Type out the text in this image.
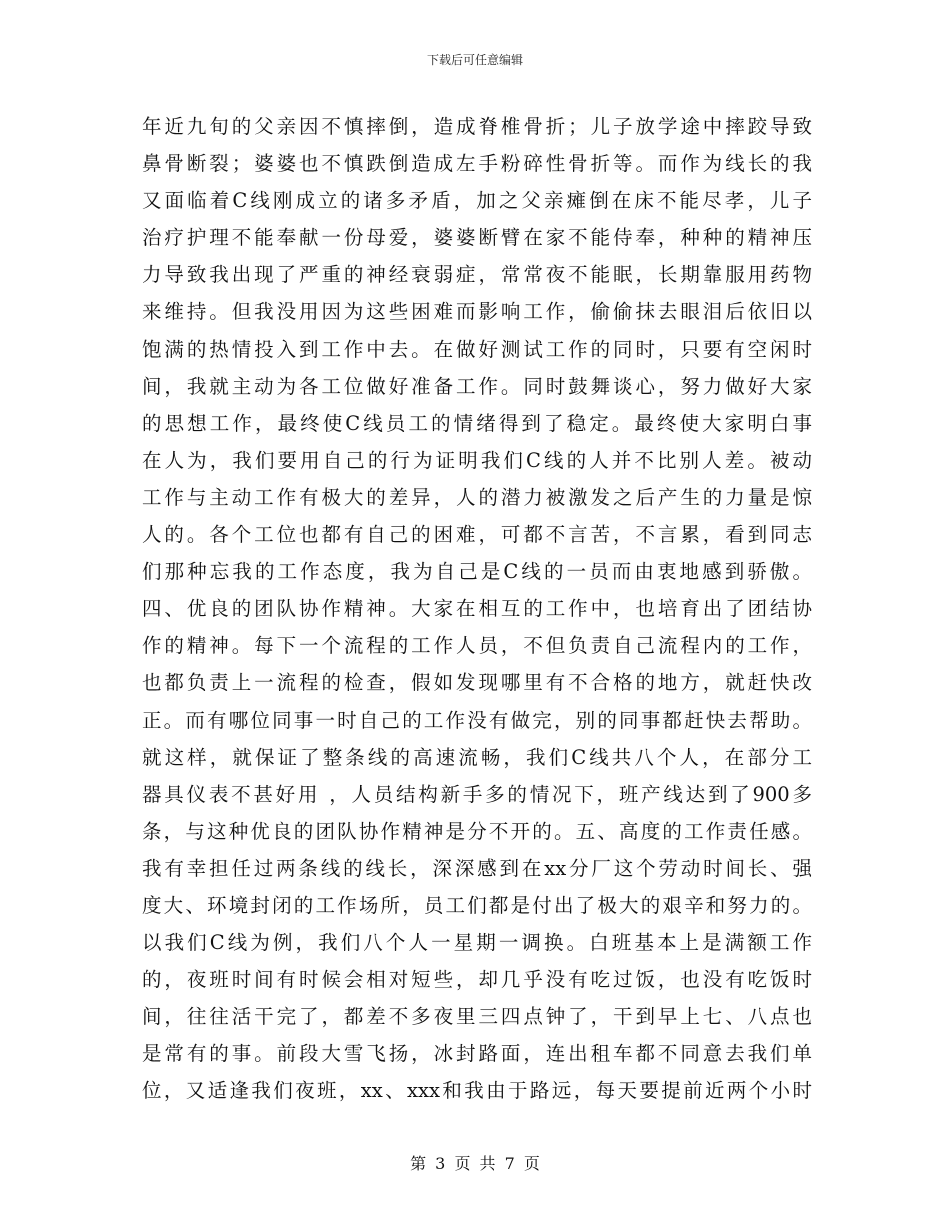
下载后可任意编辑
年近九旬的父亲因不慎摔倒，造成脊椎骨折；儿子放学途中摔跤导致
鼻骨断裂；婆婆也不慎跌倒造成左手粉碎性骨折等。而作为线长的我
又面临着C线刚成立的诸多矛盾，加之父亲瘫倒在床不能尽孝，儿子
治疗护理不能奉献一份母爱，婆婆断臂在家不能侍奉，种种的精神压
力导致我出现了严重的神经衰弱症，常常夜不能眠，长期靠服用药物
来维持。但我没用因为这些困难而影响工作，偷偷抹去眼泪后依旧以
饱满的热情投入到工作中去。在做好测试工作的同时，只要有空闲时
间，我就主动为各工位做好准备工作。同时鼓舞谈心，努力做好大家
的思想工作，最终使C线员工的情绪得到了稳定。最终使大家明白事
在人为，我们要用自己的行为证明我们C线的人并不比别人差。被动
工作与主动工作有极大的差异，人的潜力被激发之后产生的力量是惊
人的。各个工位也都有自己的困难，可都不言苦，不言累，看到同志
们那种忘我的工作态度，我为自己是C线的一员而由衷地感到骄傲。
四、优良的团队协作精神。大家在相互的工作中，也培育出了团结协
作的精神。每下一个流程的工作人员，不但负责自己流程内的工作，
也都负责上一流程的检查，假如发现哪里有不合格的地方，就赶快改
正。而有哪位同事一时自己的工作没有做完，别的同事都赶快去帮助。
就这样，就保证了整条线的高速流畅，我们C线共八个人，在部分工
器具仪表不甚好用 ，人员结构新手多的情况下，班产线达到了900多
条，与这种优良的团队协作精神是分不开的。五、高度的工作责任感。
我有幸担任过两条线的线长，深深感到在xx分厂这个劳动时间长、强
度大、环境封闭的工作场所，员工们都是付出了极大的艰辛和努力的。
以我们C线为例，我们八个人一星期一调换。白班基本上是满额工作
的，夜班时间有时候会相对短些，却几乎没有吃过饭，也没有吃饭时
间，往往活干完了，都差不多夜里三四点钟了，干到早上七、八点也
是常有的事。前段大雪飞扬，冰封路面，连出租车都不同意去我们单
位，又适逢我们夜班，xx、xxx和我由于路远，每天要提前近两个小时
第 3 页 共 7 页
